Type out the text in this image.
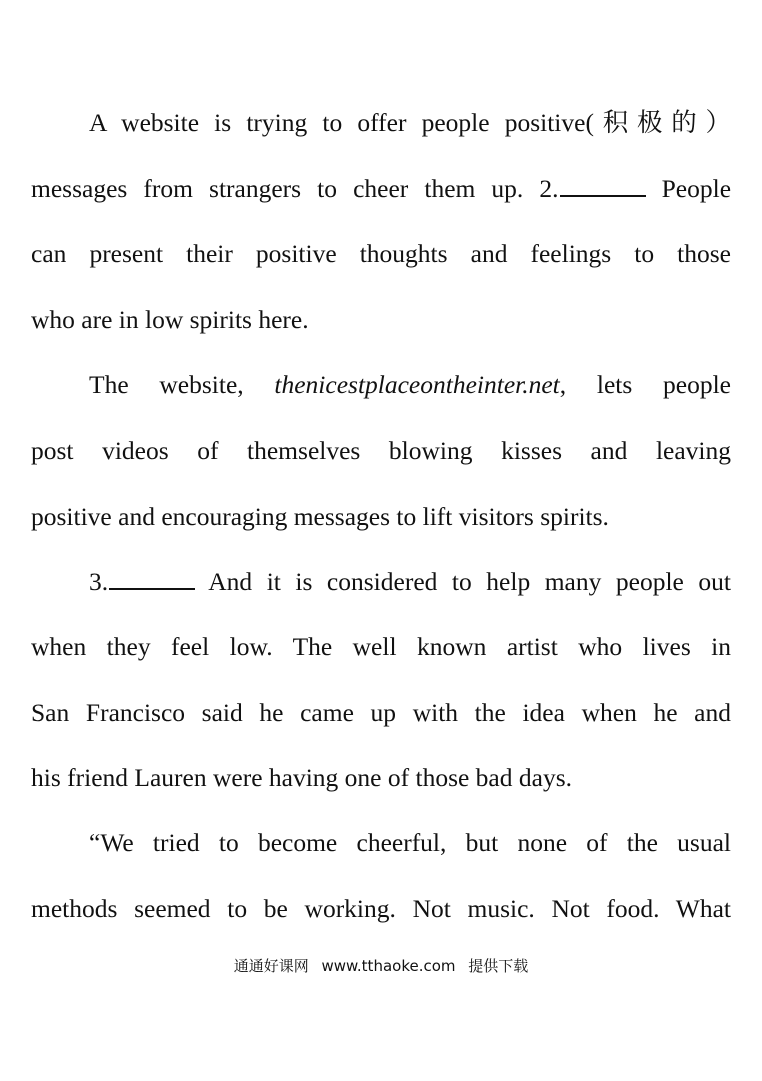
A website is trying to offer people positive(积极的）
messages from strangers to cheer them up. 2.	People
can present their positive thoughts and feelings to those
who are in low spirits here.
The website, thenicestplaceontheinter.net, lets people
post videos of themselves blowing kisses and leaving
positive and encouraging messages to lift visitors spirits.
3.	And it is considered to help many people out
when they feel low. The well known artist who lives in
San Francisco said he came up with the idea when he and
his friend Lauren were having one of those bad days.
“We tried to become cheerful, but none of the usual
methods seemed to be working. Not music. Not food. What
通通好课网 www.tthaoke.com 提供下载
